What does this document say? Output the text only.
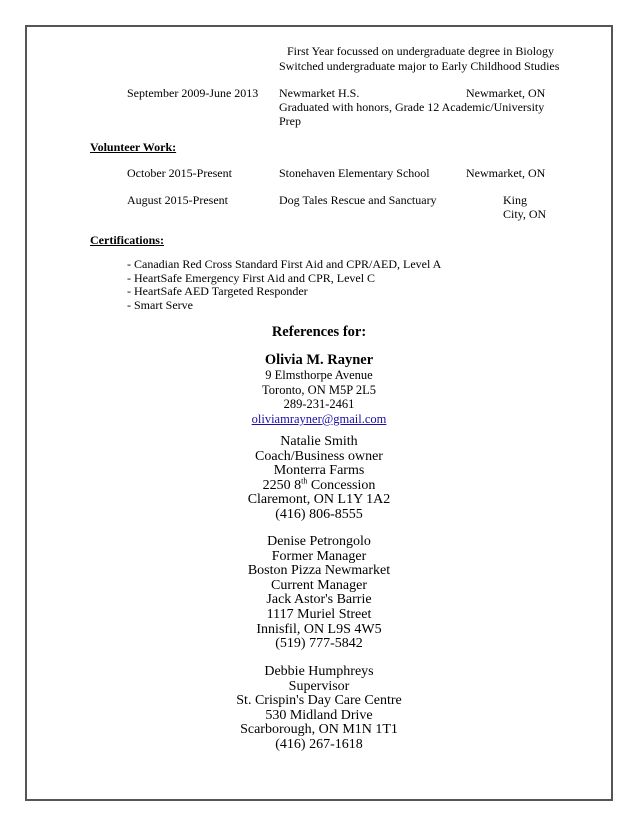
First Year focussed on undergraduate degree in Biology
Switched undergraduate major to Early Childhood Studies
September 2009-June 2013 Newmarket H.S.	Newmarket, ON
Graduated with honors, Grade 12 Academic/University
Prep
Volunteer Work:
October 2015-Present	Stonehaven Elementary School	Newmarket, ON
August 2015-Present	Dog Tales Rescue and Sanctuary	King
City, ON
Certifications:
- Canadian Red Cross Standard First Aid and CPR/AED, Level A
- HeartSafe Emergency First Aid and CPR, Level C
- HeartSafe AED Targeted Responder
- Smart Serve
References for:
Olivia M. Rayner
9 Elmsthorpe Avenue
Toronto, ON M5P 2L5
289-231-2461
oliviamrayner@gmail.com
Natalie Smith
Coach/Business owner
Monterra Farms
2250 8th Concession
Claremont, ON L1Y 1A2
(416) 806-8555
Denise Petrongolo
Former Manager
Boston Pizza Newmarket
Current Manager
Jack Astor's Barrie
1117 Muriel Street
Innisfil, ON L9S 4W5
(519) 777-5842
Debbie Humphreys
Supervisor
St. Crispin's Day Care Centre
530 Midland Drive
Scarborough, ON M1N 1T1
(416) 267-1618
